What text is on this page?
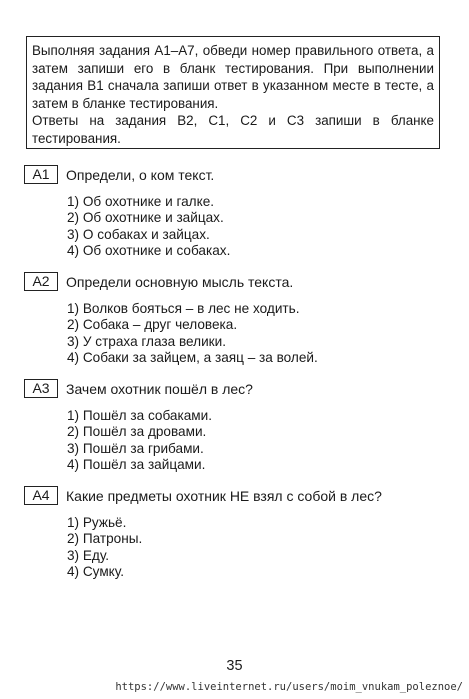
Выполняя задания А1–А7, обведи номер правильного ответа, а затем запиши его в бланк тестирования. При выполнении задания В1 сначала запиши ответ в указанном месте в тесте, а затем в бланке тестирования.
Ответы на задания В2, С1, С2 и С3 запиши в бланке тестирования.
А1	Определи, о ком текст.
1) Об охотнике и галке.
2) Об охотнике и зайцах.
3) О собаках и зайцах.
4) Об охотнике и собаках.
А2	Определи основную мысль текста.
1) Волков бояться – в лес не ходить.
2) Собака – друг человека.
3) У страха глаза велики.
4) Собаки за зайцем, а заяц – за волей.
А3	Зачем охотник пошёл в лес?
1) Пошёл за собаками.
2) Пошёл за дровами.
3) Пошёл за грибами.
4) Пошёл за зайцами.
А4	Какие предметы охотник НЕ взял с собой в лес?
1) Ружьё.
2) Патроны.
3) Еду.
4) Сумку.
35
https://www.liveinternet.ru/users/moim_vnukam_poleznoe/
